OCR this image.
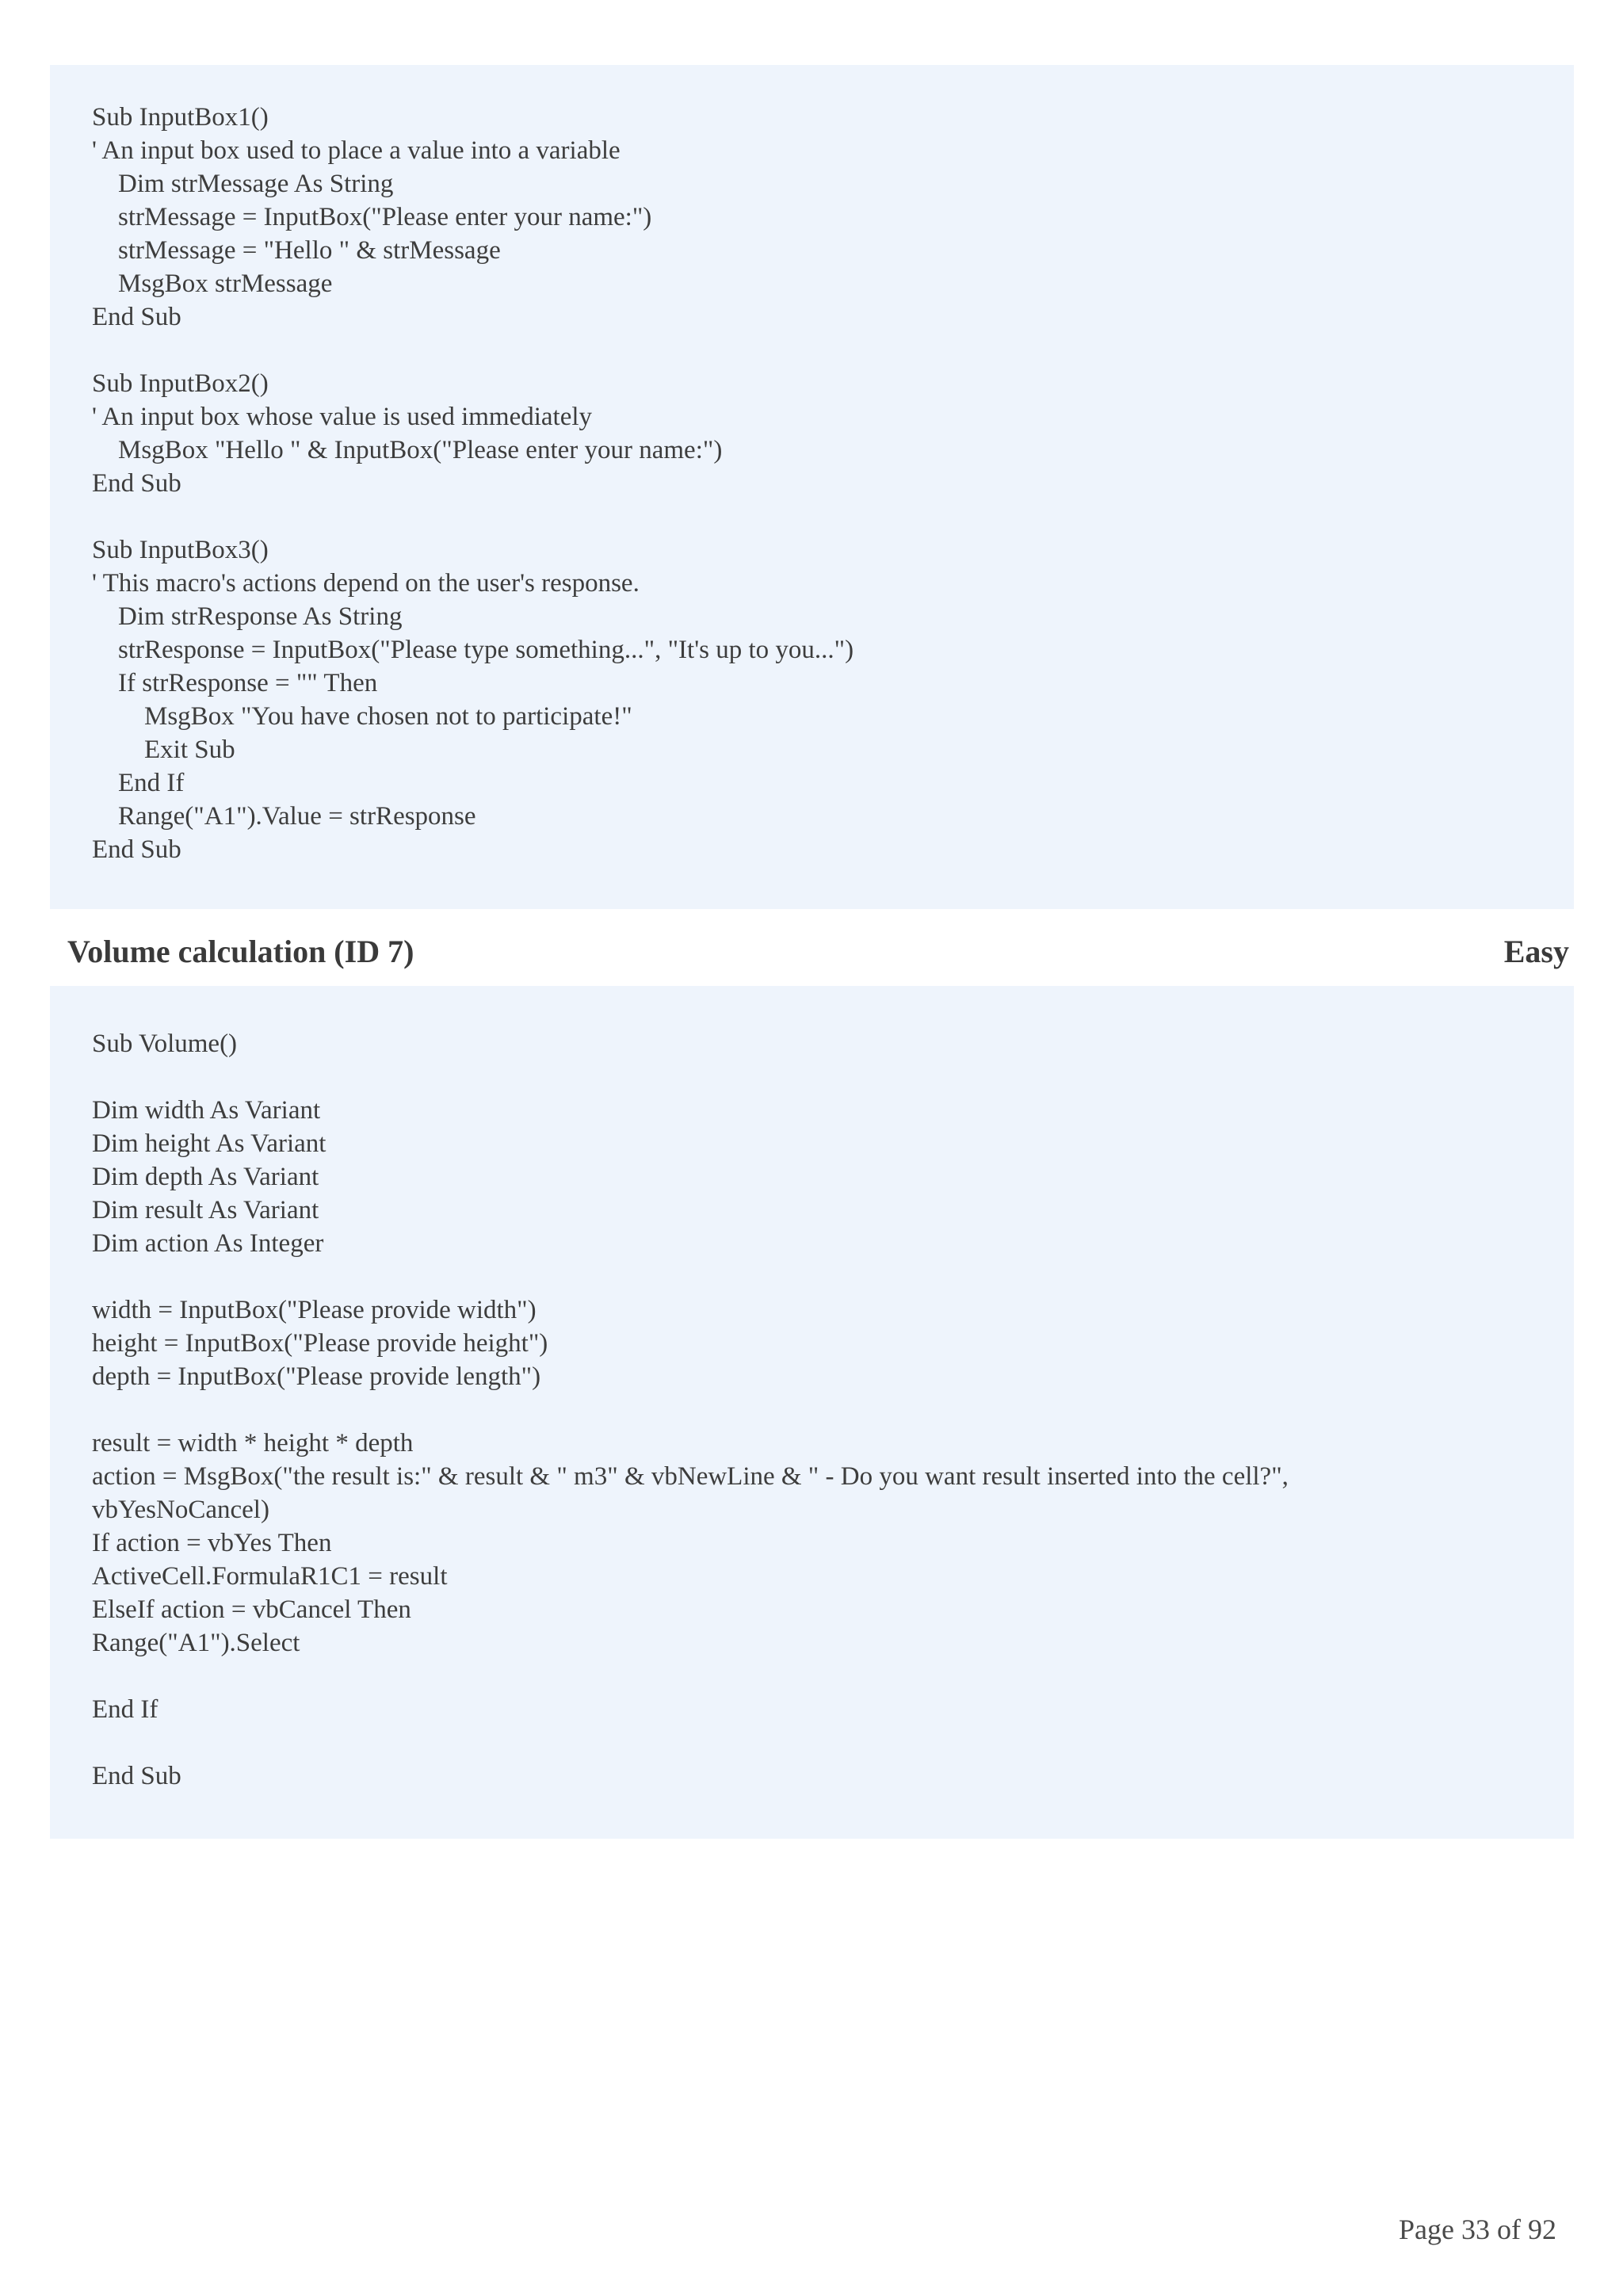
Sub InputBox1()
' An input box used to place a value into a variable
Dim strMessage As String
strMessage = InputBox("Please enter your name:")
strMessage = "Hello " & strMessage
MsgBox strMessage
End Sub
Sub InputBox2()
' An input box whose value is used immediately
MsgBox "Hello " & InputBox("Please enter your name:")
End Sub
Sub InputBox3()
' This macro's actions depend on the user's response.
Dim strResponse As String
strResponse = InputBox("Please type something...", "It's up to you...")
If strResponse = "" Then
MsgBox "You have chosen not to participate!"
Exit Sub
End If
Range("A1").Value = strResponse
End Sub
Volume calculation (ID 7)	Easy
Sub Volume()
Dim width As Variant
Dim height As Variant
Dim depth As Variant
Dim result As Variant
Dim action As Integer
width = InputBox("Please provide width")
height = InputBox("Please provide height")
depth = InputBox("Please provide length")
result = width * height * depth
action = MsgBox("the result is:" & result & " m3" & vbNewLine & " - Do you want result inserted into the cell?",
vbYesNoCancel)
If action = vbYes Then
ActiveCell.FormulaR1C1 = result
ElseIf action = vbCancel Then
Range("A1").Select
End If
End Sub
Page 33 of 92
